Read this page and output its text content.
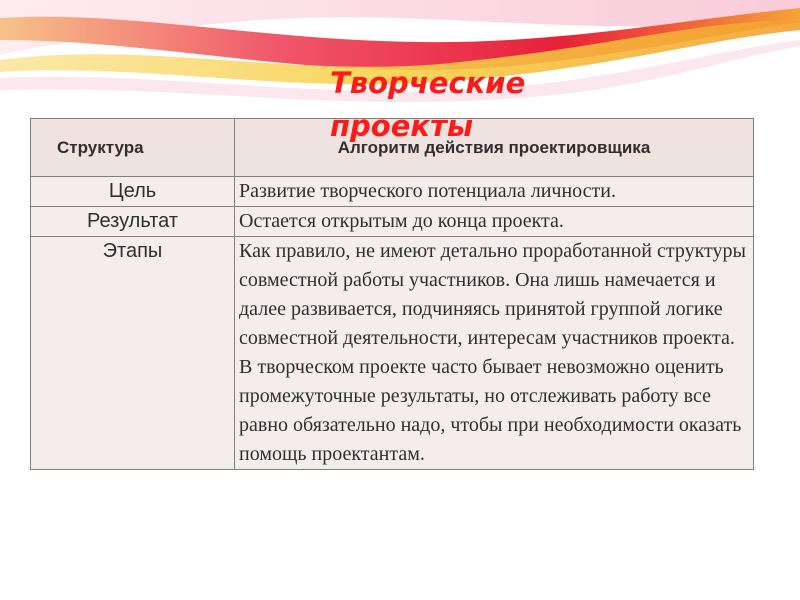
Творческие проекты
Структура	Алгоритм действия проектировщика
Цель	Развитие творческого потенциала личности.
Результат	Остается открытым до конца проекта.
Этапы	Как правило, не имеют детально проработанной структуры совместной работы участников. Она лишь намечается и далее развивается, подчиняясь принятой группой логике совместной деятельности, интересам участников проекта. В творческом проекте часто бывает невозможно оценить промежуточные результаты, но отслеживать работу все равно обязательно надо, чтобы при необходимости оказать помощь проектантам.
